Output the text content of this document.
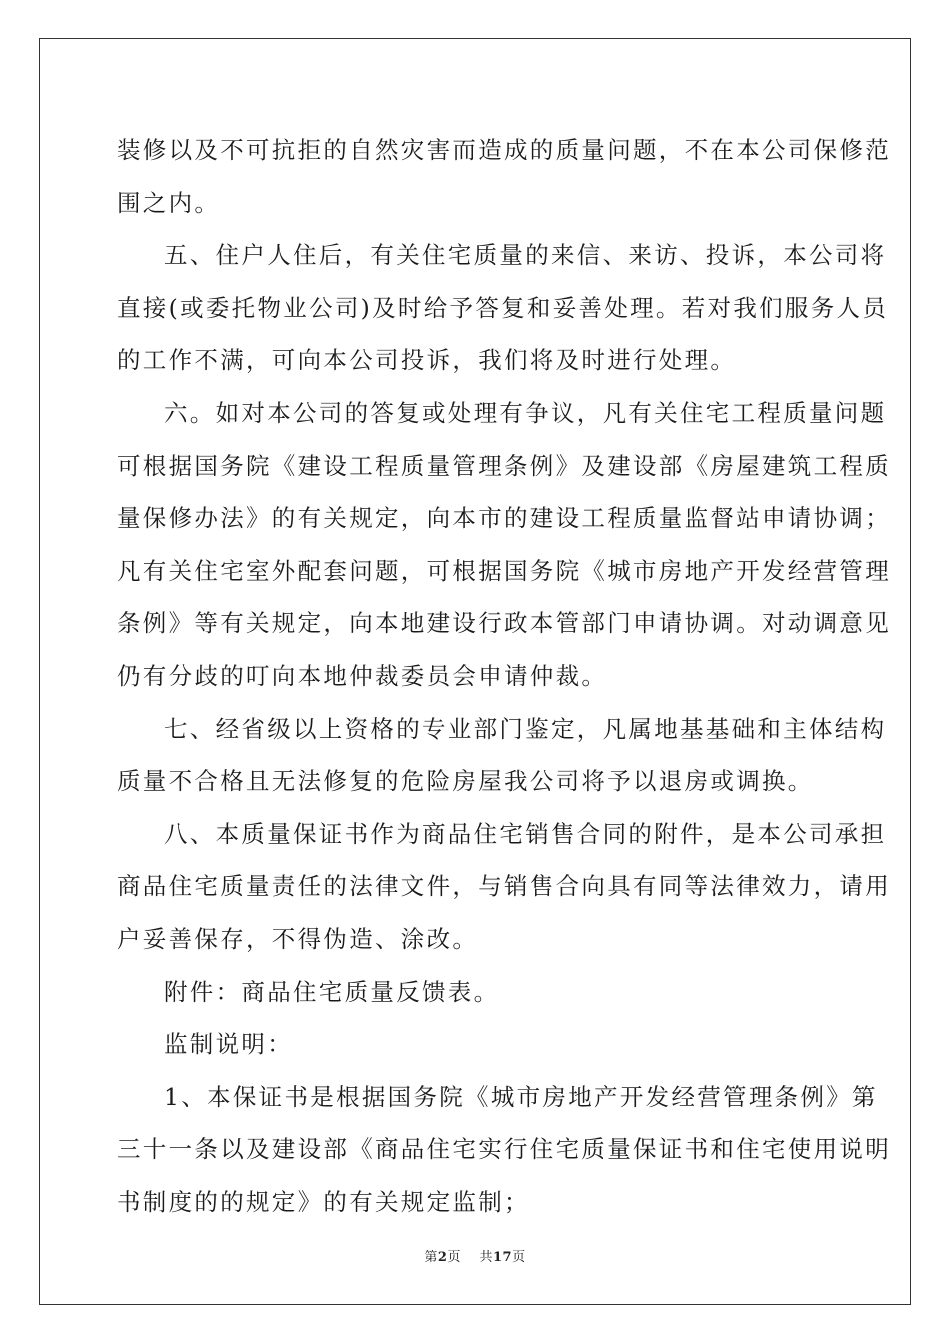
装修以及不可抗拒的自然灾害而造成的质量问题，不在本公司保修范
围之内。

五、住户人住后，有关住宅质量的来信、来访、投诉，本公司将
直接(或委托物业公司)及时给予答复和妥善处理。若对我们服务人员
的工作不满，可向本公司投诉，我们将及时进行处理。

六。如对本公司的答复或处理有争议，凡有关住宅工程质量问题
可根据国务院《建设工程质量管理条例》及建设部《房屋建筑工程质
量保修办法》的有关规定，向本市的建设工程质量监督站申请协调；
凡有关住宅室外配套问题，可根据国务院《城市房地产开发经营管理
条例》等有关规定，向本地建设行政本管部门申请协调。对动调意见
仍有分歧的叮向本地仲裁委员会申请仲裁。

七、经省级以上资格的专业部门鉴定，凡属地基基础和主体结构
质量不合格且无法修复的危险房屋我公司将予以退房或调换。

八、本质量保证书作为商品住宅销售合同的附件，是本公司承担
商品住宅质量责任的法律文件，与销售合向具有同等法律效力，请用
户妥善保存，不得伪造、涂改。

附件：商品住宅质量反馈表。

监制说明：

1、本保证书是根据国务院《城市房地产开发经营管理条例》第
三十一条以及建设部《商品住宅实行住宅质量保证书和住宅使用说明
书制度的的规定》的有关规定监制；

第2页 共17页
